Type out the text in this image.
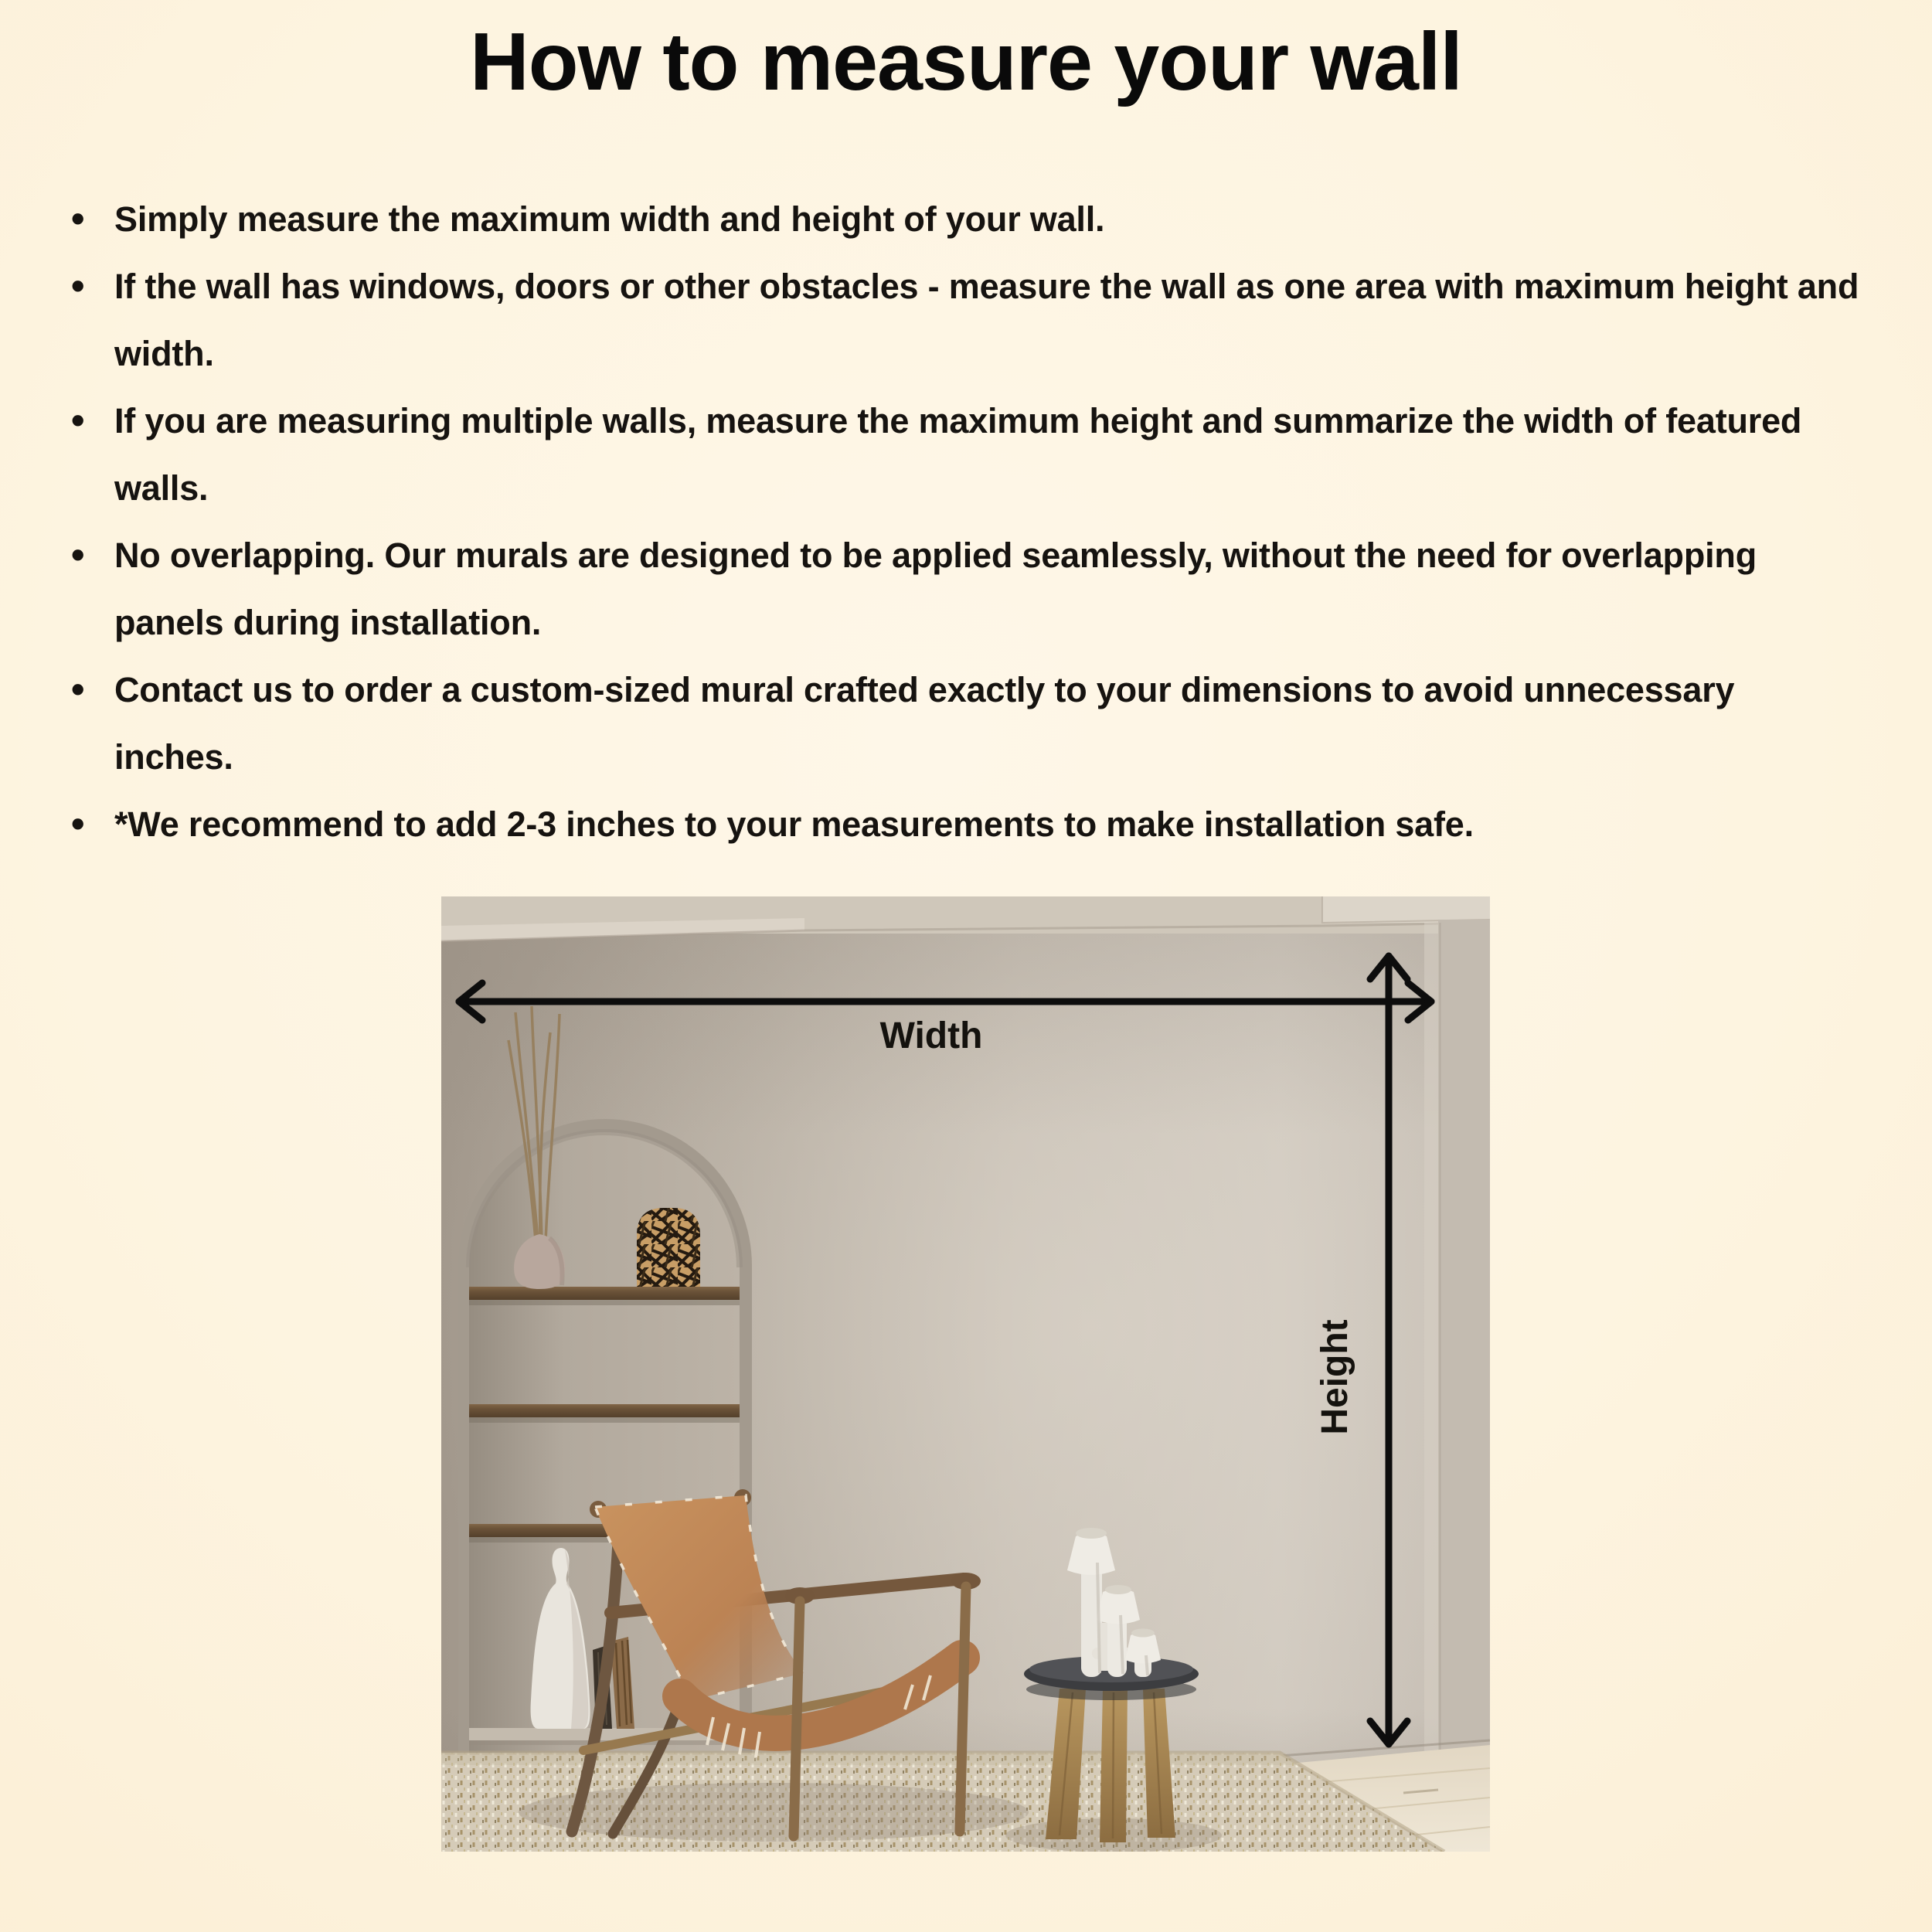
How to measure your wall
• Simply measure the maximum width and height of your wall.
• If the wall has windows, doors or other obstacles - measure the wall as one area with maximum height and width.
• If you are measuring multiple walls, measure the maximum height and summarize the width of featured walls.
• No overlapping. Our murals are designed to be applied seamlessly, without the need for overlapping panels during installation.
• Contact us to order a custom-sized mural crafted exactly to your dimensions to avoid unnecessary inches.
• *We recommend to add 2-3 inches to your measurements to make installation safe.
Width
Height
